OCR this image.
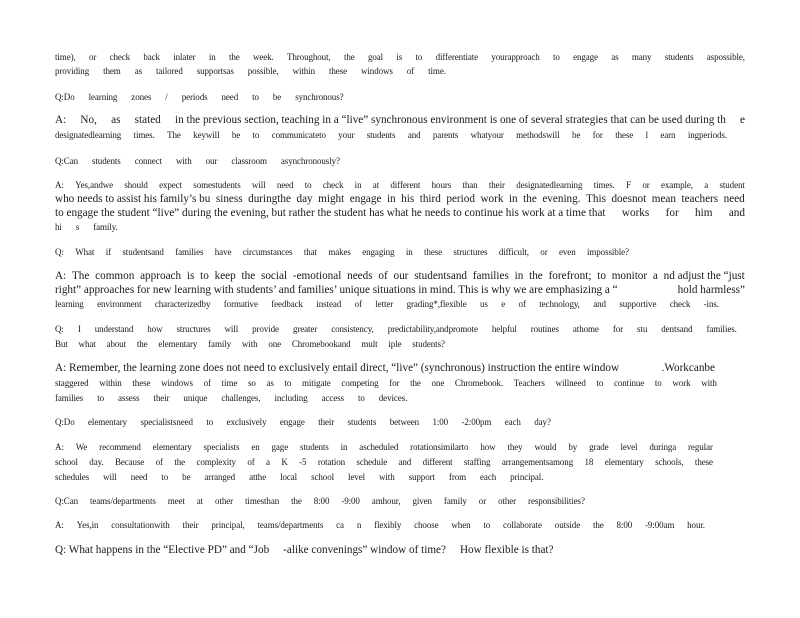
time), or check back inlater in the week. Throughout, the goal is to differentiate yourapproach to engage as many students aspossible,
providing them as tailored supportsas possible, within these windows of time.
Q:Do learning zones / periods need to be synchronous?
A: No, as stated in the previous section, teaching in a “live” synchronous environment is one of several strategies that can be used during th e
designatedlearning times. The keywill be to communicateto your students and parents whatyour methodswill be for these l earn ingperiods.
Q:Can students connect with our classroom asynchronously?
A: Yes,andwe should expect somestudents will need to check in at different hours than their designatedlearning times. F or example, a student
who needs to assist his family’s bu siness duringthe day might engage in his third period work in the evening. This doesnot mean teachers need
to engage the student “live” during the evening, but rather the student has what he needs to continue his work at a time that works for him and
hi s family.
Q: What if studentsand families have circumstances that makes engaging in these structures difficult, or even impossible?
A: The common approach is to keep the social -emotional needs of our studentsand families in the forefront; to monitor a nd adjust the “just
right” approaches for new learning with students’ and families’ unique situations in mind. This is why we are emphasizing a “	hold harmless”
learning environment characterizedby formative feedback instead of letter grading*,flexible us e of technology, and supportive check -ins.
Q: I understand how structures will provide greater consistency, predictability,andpromote helpful routines athome for stu dentsand families.
But what about the elementary family with one Chromebookand mult iple students?
A: Remember, the learning zone does not need to exclusively entail direct, “live” (synchronous) instruction the entire window	.Workcanbe
staggered within these windows of time so as to mitigate competing for the one Chromebook. Teachers willneed to continue to work with
families to assess their unique challenges, including access to devices.
Q:Do elementary specialistsneed to exclusively engage their students between 1:00 -2:00pm each day?
A: We recommend elementary specialists en gage students in ascheduled rotationsimilarto how they would by grade level duringa regular
school day. Because of the complexity of a K -5 rotation schedule and different staffing arrangementsamong 18 elementary schools, these
schedules will need to be arranged atthe local school level with support from each principal.
Q:Can teams/departments meet at other timesthan the 8:00 -9:00 amhour, given family or other responsibilities?
A: Yes,in consultationwith their principal, teams/departments ca n flexibly choose when to collaborate outside the 8:00 -9:00am hour.
Q: What happens in the “Elective PD” and “Job -alike convenings” window of time? How flexible is that?
